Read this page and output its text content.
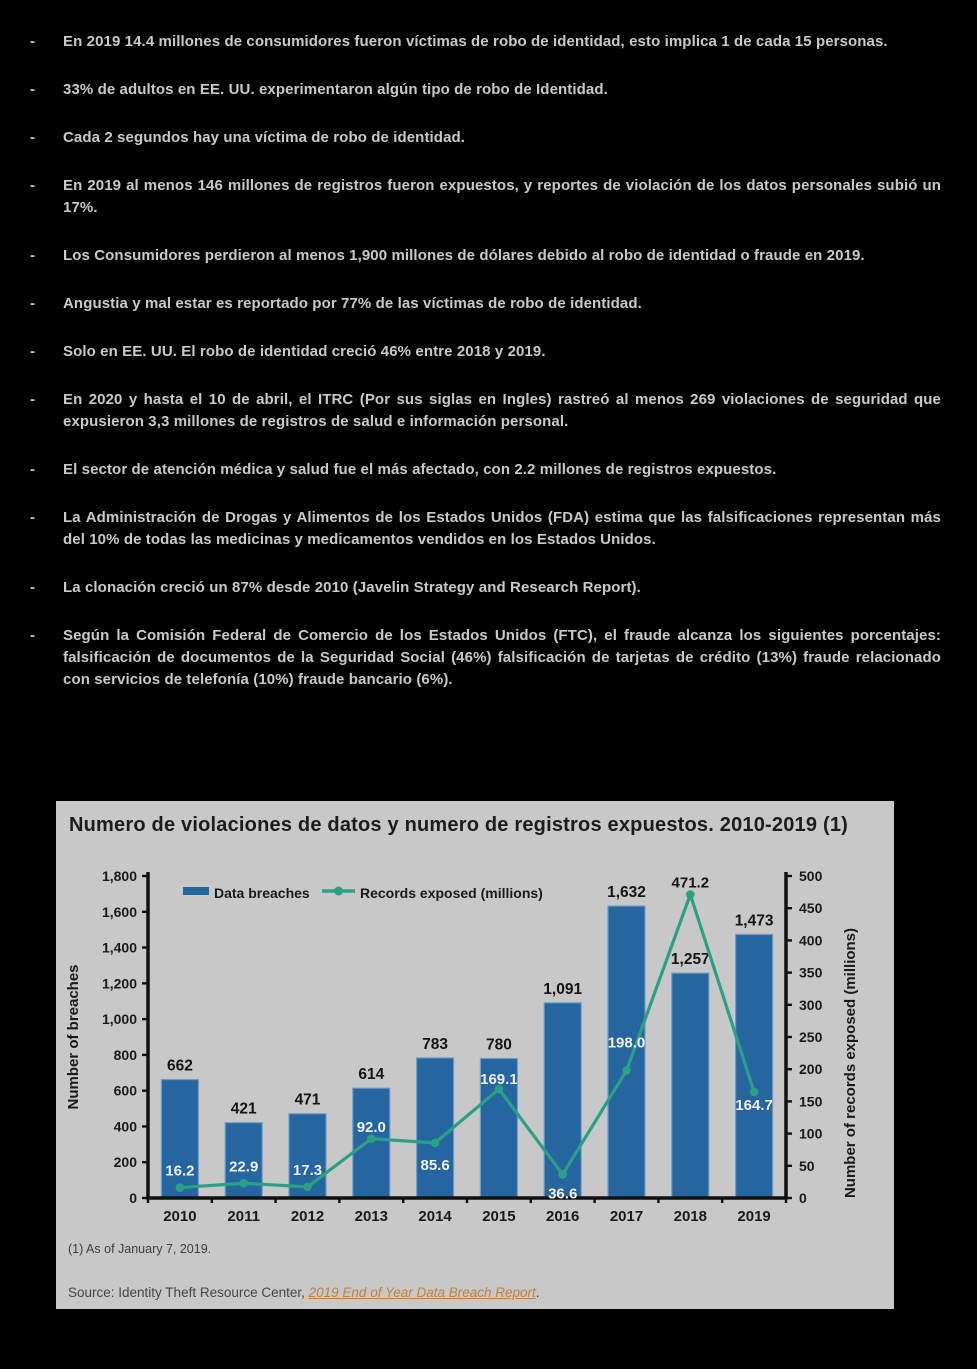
-	En 2019 14.4 millones de consumidores fueron víctimas de robo de identidad, esto implica 1 de cada 15 personas.
-	33% de adultos en EE. UU. experimentaron algún tipo de robo de Identidad.
-	Cada 2 segundos hay una víctima de robo de identidad.
-	En 2019 al menos 146 millones de registros fueron expuestos, y reportes de violación de los datos personales subió un 17%.
-	Los Consumidores perdieron al menos 1,900 millones de dólares debido al robo de identidad o fraude en 2019.
-	Angustia y mal estar es reportado por 77% de las víctimas de robo de identidad.
-	Solo en EE. UU. El robo de identidad creció 46% entre 2018 y 2019.
-	En 2020 y hasta el 10 de abril, el ITRC (Por sus siglas en Ingles) rastreó al menos 269 violaciones de seguridad que expusieron 3,3 millones de registros de salud e información personal.
-	El sector de atención médica y salud fue el más afectado, con 2.2 millones de registros expuestos.
-	La Administración de Drogas y Alimentos de los Estados Unidos (FDA) estima que las falsificaciones representan más del 10% de todas las medicinas y medicamentos vendidos en los Estados Unidos.
-	La clonación creció un 87% desde 2010 (Javelin Strategy and Research Report).
-	Según la Comisión Federal de Comercio de los Estados Unidos (FTC), el fraude alcanza los siguientes porcentajes: falsificación de documentos de la Seguridad Social (46%) falsificación de tarjetas de crédito (13%) fraude relacionado con servicios de telefonía (10%) fraude bancario (6%).
Numero de violaciones de datos y numero de registros expuestos. 2010-2019 (1)
0
200
400
600
800
1,000
1,200
1,400
1,600
1,800
0
50
100
150
200
250
300
350
400
450
500
2010 2011 2012 2013 2014 2015 2016 2017 2018 2019
662
421
471
614
783 780
1,091
1,632
1,257
1,473
16.2 22.9 17.3
92.0
85.6
169.1
36.6
198.0
471.2
164.7
Data breaches	Records exposed (millions)
Number of breaches	Number of records exposed (millions)
(1) As of January 7, 2019.
Source: Identity Theft Resource Center, 2019 End of Year Data Breach Report.
